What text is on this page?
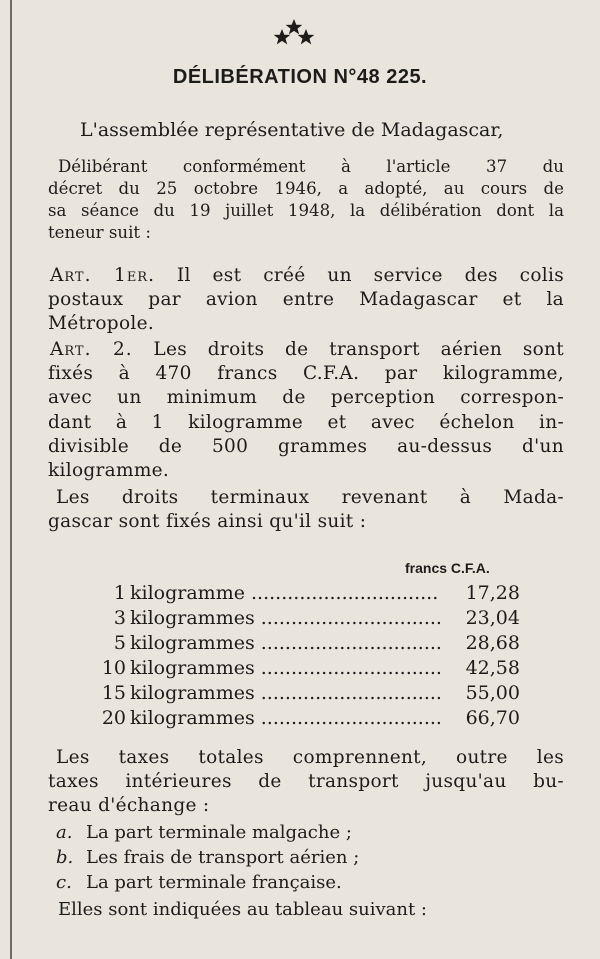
DÉLIBÉRATION N°48 225.
L'assemblée représentative de Madagascar,
Délibérant conformément à l'article 37 du
décret du 25 octobre 1946, a adopté, au cours de
sa séance du 19 juillet 1948, la délibération dont la
teneur suit :
Art. 1er. Il est créé un service des colis
postaux par avion entre Madagascar et la
Métropole.
Art. 2. Les droits de transport aérien sont
fixés à 470 francs C.F.A. par kilogramme,
avec un minimum de perception correspon-
dant à 1 kilogramme et avec échelon in-
divisible de 500 grammes au-dessus d'un
kilogramme.
Les droits terminaux revenant à Mada-
gascar sont fixés ainsi qu'il suit :
francs C.F.A.
1 kilogramme .....	17,28
3 kilogrammes .....	23,04
5 kilogrammes .....	28,68
10 kilogrammes .....	42,58
15 kilogrammes .....	55,00
20 kilogrammes .....	66,70
Les taxes totales comprennent, outre les
taxes intérieures de transport jusqu'au bu-
reau d'échange :
a. La part terminale malgache ;
b. Les frais de transport aérien ;
c. La part terminale française.
Elles sont indiquées au tableau suivant :
